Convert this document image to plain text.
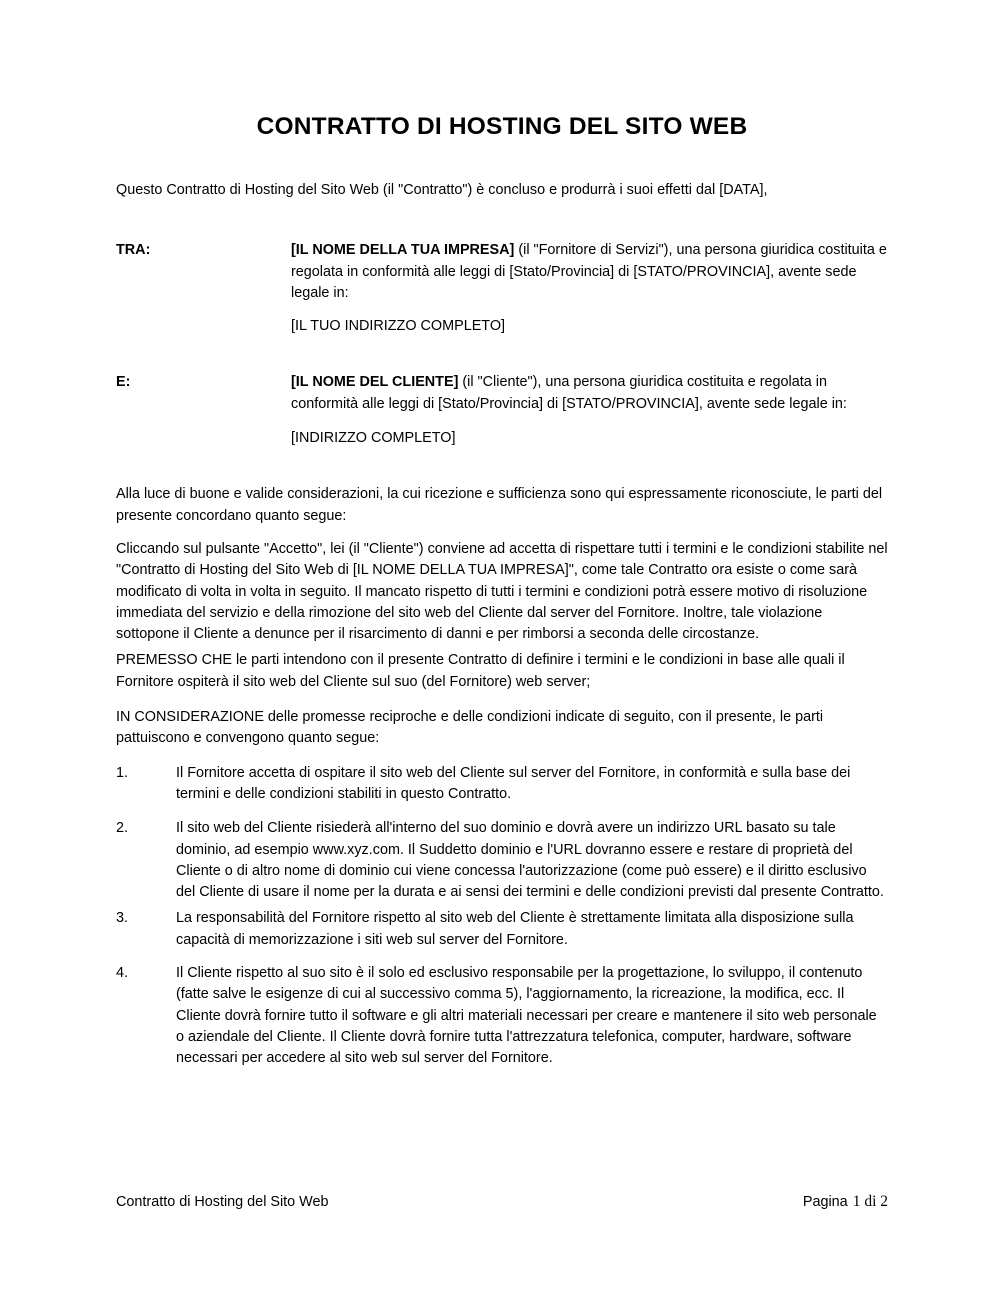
CONTRATTO DI HOSTING DEL SITO WEB

Questo Contratto di Hosting del Sito Web (il "Contratto") è concluso e produrrà i suoi effetti dal [DATA],

TRA:	[IL NOME DELLA TUA IMPRESA] (il "Fornitore di Servizi"), una persona giuridica costituita e regolata in conformità alle leggi di [Stato/Provincia] di [STATO/PROVINCIA], avente sede legale in:

[IL TUO INDIRIZZO COMPLETO]

E:	[IL NOME DEL CLIENTE] (il "Cliente"), una persona giuridica costituita e regolata in conformità alle leggi di [Stato/Provincia] di [STATO/PROVINCIA], avente sede legale in:

[INDIRIZZO COMPLETO]

Alla luce di buone e valide considerazioni, la cui ricezione e sufficienza sono qui espressamente riconosciute, le parti del presente concordano quanto segue:

Cliccando sul pulsante "Accetto", lei (il "Cliente") conviene ad accetta di rispettare tutti i termini e le condizioni stabilite nel "Contratto di Hosting del Sito Web di [IL NOME DELLA TUA IMPRESA]", come tale Contratto ora esiste o come sarà modificato di volta in volta in seguito. Il mancato rispetto di tutti i termini e condizioni potrà essere motivo di risoluzione immediata del servizio e della rimozione del sito web del Cliente dal server del Fornitore. Inoltre, tale violazione sottopone il Cliente a denunce per il risarcimento di danni e per rimborsi a seconda delle circostanze.

PREMESSO CHE le parti intendono con il presente Contratto di definire i termini e le condizioni in base alle quali il Fornitore ospiterà il sito web del Cliente sul suo (del Fornitore) web server;

IN CONSIDERAZIONE delle promesse reciproche e delle condizioni indicate di seguito, con il presente, le parti pattuiscono e convengono quanto segue:

1.	Il Fornitore accetta di ospitare il sito web del Cliente sul server del Fornitore, in conformità e sulla base dei termini e delle condizioni stabiliti in questo Contratto.
2.	Il sito web del Cliente risiederà all'interno del suo dominio e dovrà avere un indirizzo URL basato su tale dominio, ad esempio www.xyz.com. Il Suddetto dominio e l'URL dovranno essere e restare di proprietà del Cliente o di altro nome di dominio cui viene concessa l'autorizzazione (come può essere) e il diritto esclusivo del Cliente di usare il nome per la durata e ai sensi dei termini e delle condizioni previsti dal presente Contratto.
3.	La responsabilità del Fornitore rispetto al sito web del Cliente è strettamente limitata alla disposizione sulla capacità di memorizzazione i siti web sul server del Fornitore.
4.	Il Cliente rispetto al suo sito è il solo ed esclusivo responsabile per la progettazione, lo sviluppo, il contenuto (fatte salve le esigenze di cui al successivo comma 5), l'aggiornamento, la ricreazione, la modifica, ecc. Il Cliente dovrà fornire tutto il software e gli altri materiali necessari per creare e mantenere il sito web personale o aziendale del Cliente. Il Cliente dovrà fornire tutta l'attrezzatura telefonica, computer, hardware, software necessari per accedere al sito web sul server del Fornitore.
Contratto di Hosting del Sito Web	Pagina 1 di 2
